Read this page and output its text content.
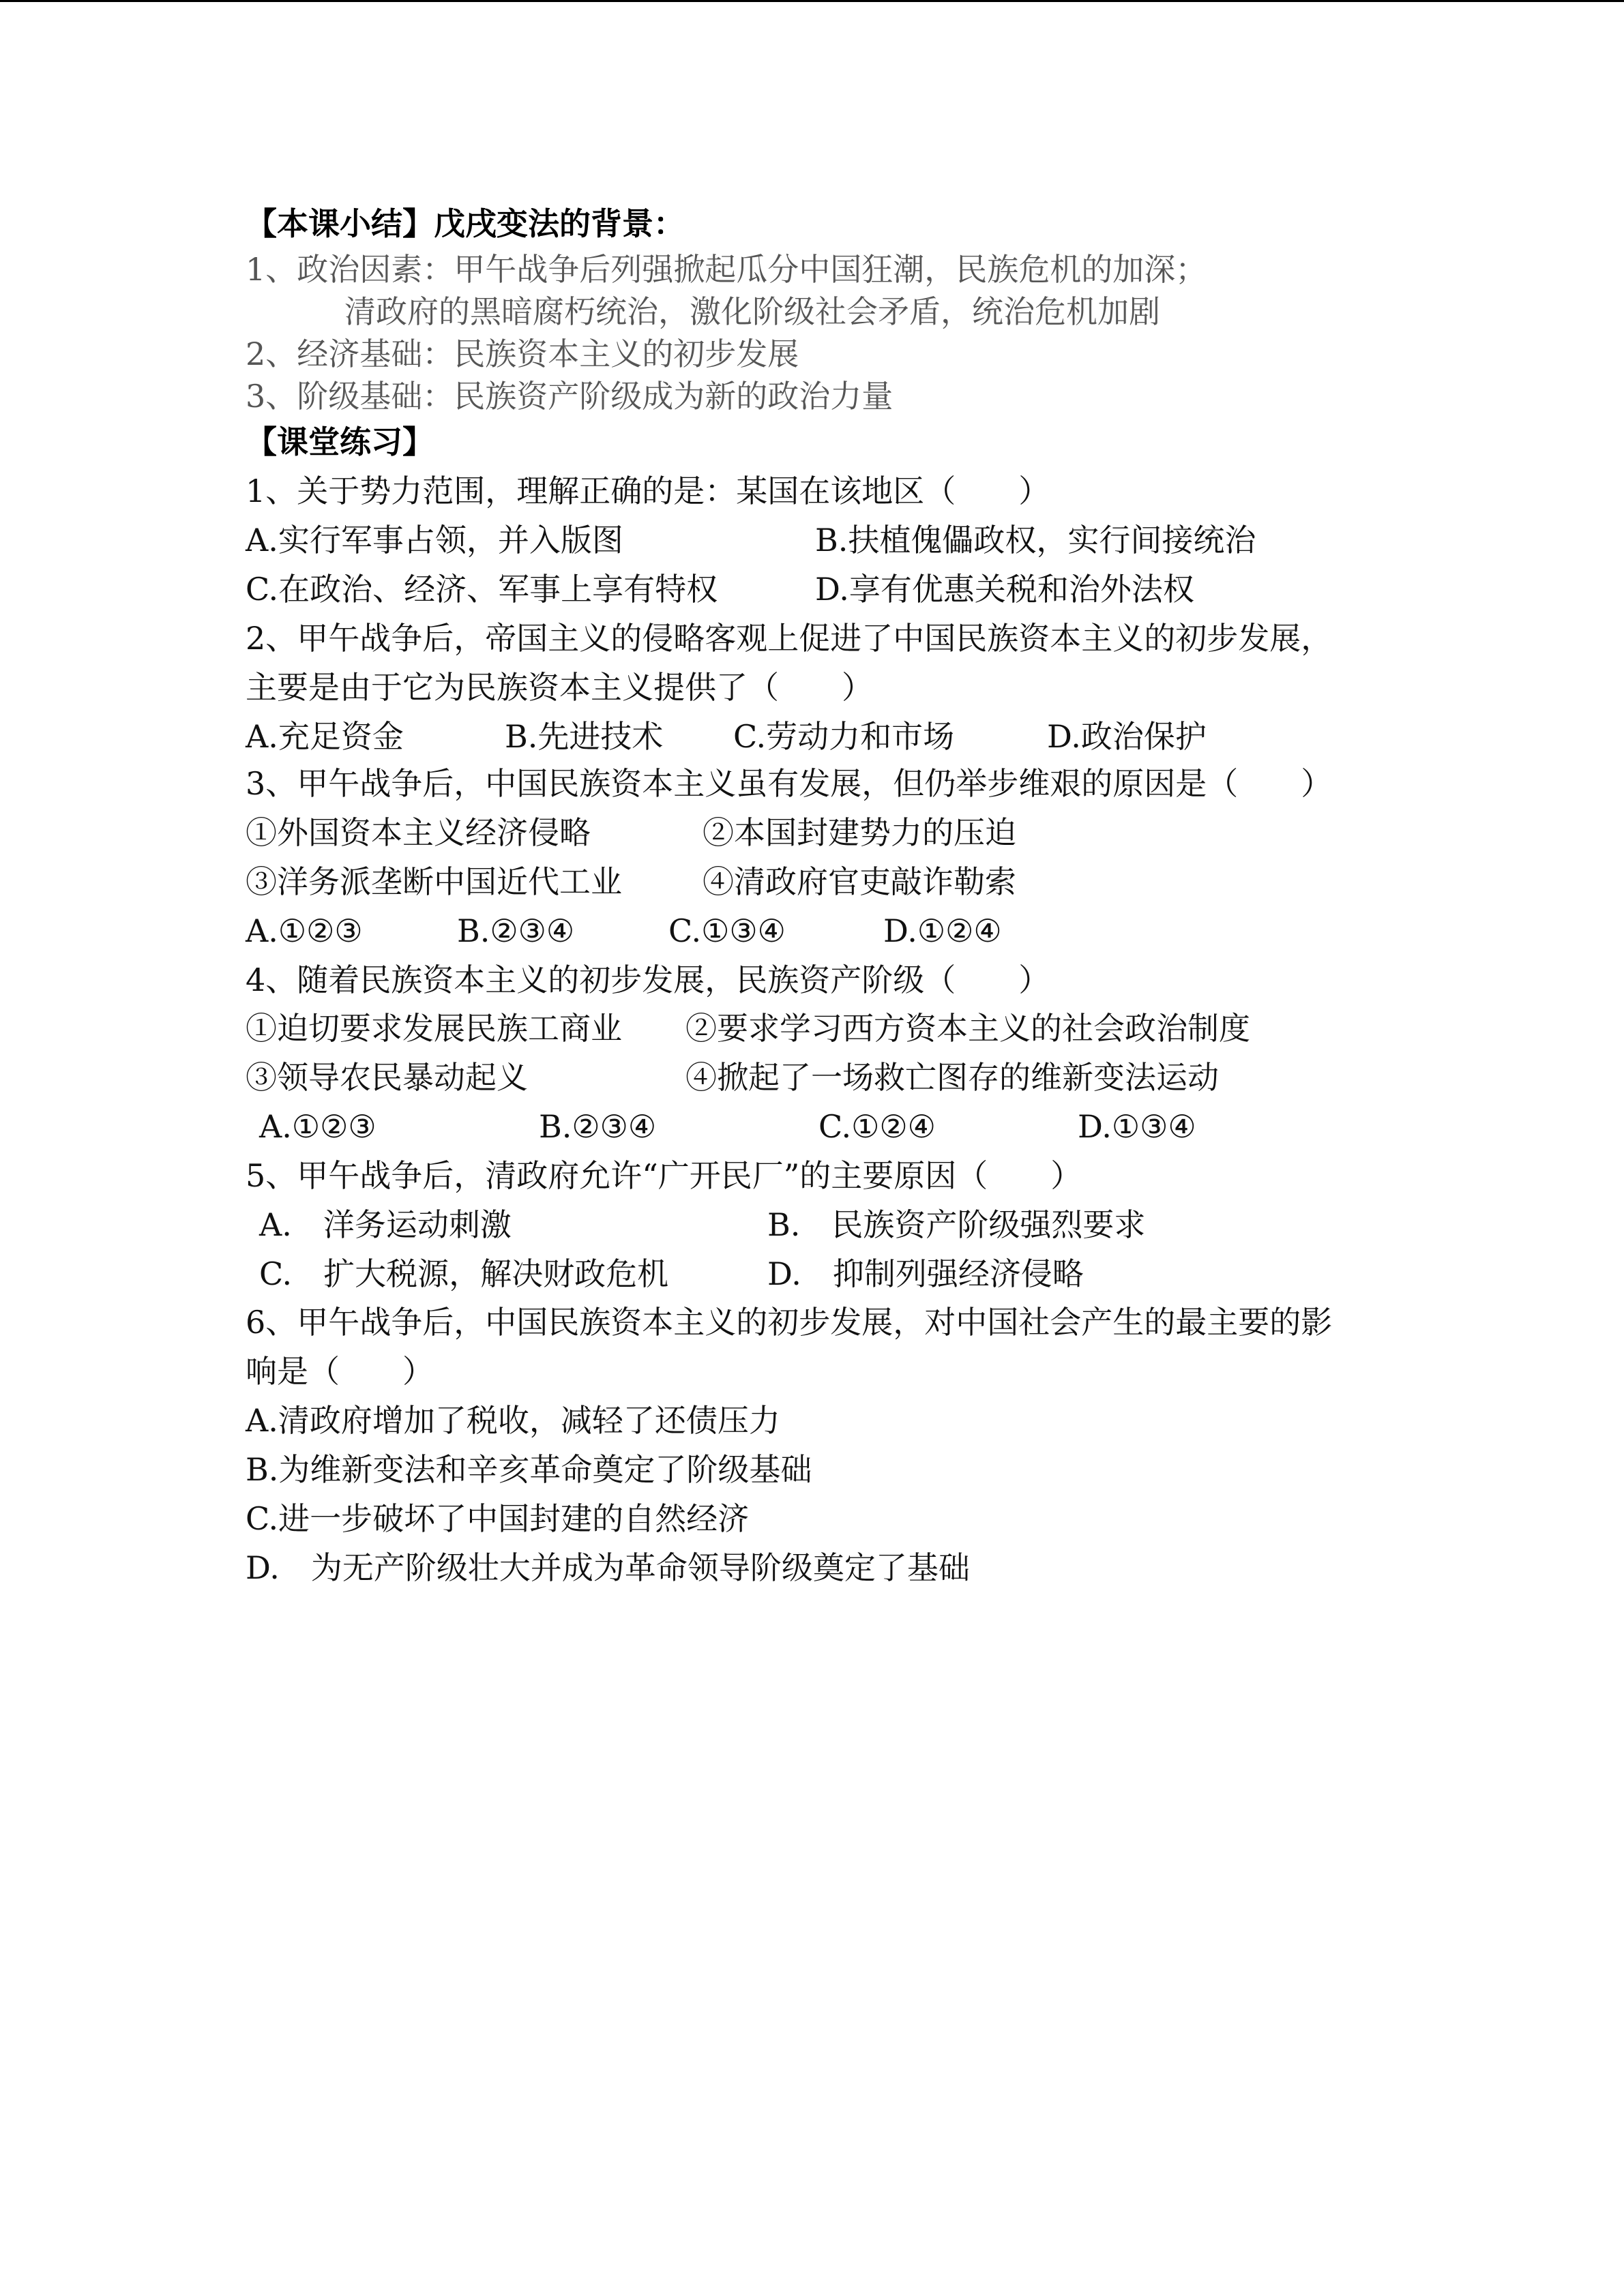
【本课小结】戊戌变法的背景：
1、政治因素：甲午战争后列强掀起瓜分中国狂潮，民族危机的加深；
清政府的黑暗腐朽统治，激化阶级社会矛盾，统治危机加剧
2、经济基础：民族资本主义的初步发展
3、阶级基础：民族资产阶级成为新的政治力量
【课堂练习】
1、关于势力范围，理解正确的是：某国在该地区（　　）
A.实行军事占领，并入版图	B.扶植傀儡政权，实行间接统治
C.在政治、经济、军事上享有特权	D.享有优惠关税和治外法权
2、甲午战争后，帝国主义的侵略客观上促进了中国民族资本主义的初步发展，
主要是由于它为民族资本主义提供了（　　）
A.充足资金	B.先进技术 C.劳动力和市场	D.政治保护
3、甲午战争后，中国民族资本主义虽有发展，但仍举步维艰的原因是（　　）
①外国资本主义经济侵略	②本国封建势力的压迫
③洋务派垄断中国近代工业	④清政府官吏敲诈勒索
A.①②③	B.②③④	C.①③④	D.①②④
4、随着民族资本主义的初步发展，民族资产阶级（　　）
①迫切要求发展民族工商业 ②要求学习西方资本主义的社会政治制度
③领导农民暴动起义	④掀起了一场救亡图存的维新变法运动
A.①②③	B.②③④	C.①②④	D.①③④
5、甲午战争后，清政府允许“广开民厂”的主要原因（　　）
A.　洋务运动刺激	B.　民族资产阶级强烈要求
C.　扩大税源，解决财政危机	D.　抑制列强经济侵略
6、甲午战争后，中国民族资本主义的初步发展，对中国社会产生的最主要的影
响是（　　）
A.清政府增加了税收，减轻了还债压力
B.为维新变法和辛亥革命奠定了阶级基础
C.进一步破坏了中国封建的自然经济
D.　为无产阶级壮大并成为革命领导阶级奠定了基础
